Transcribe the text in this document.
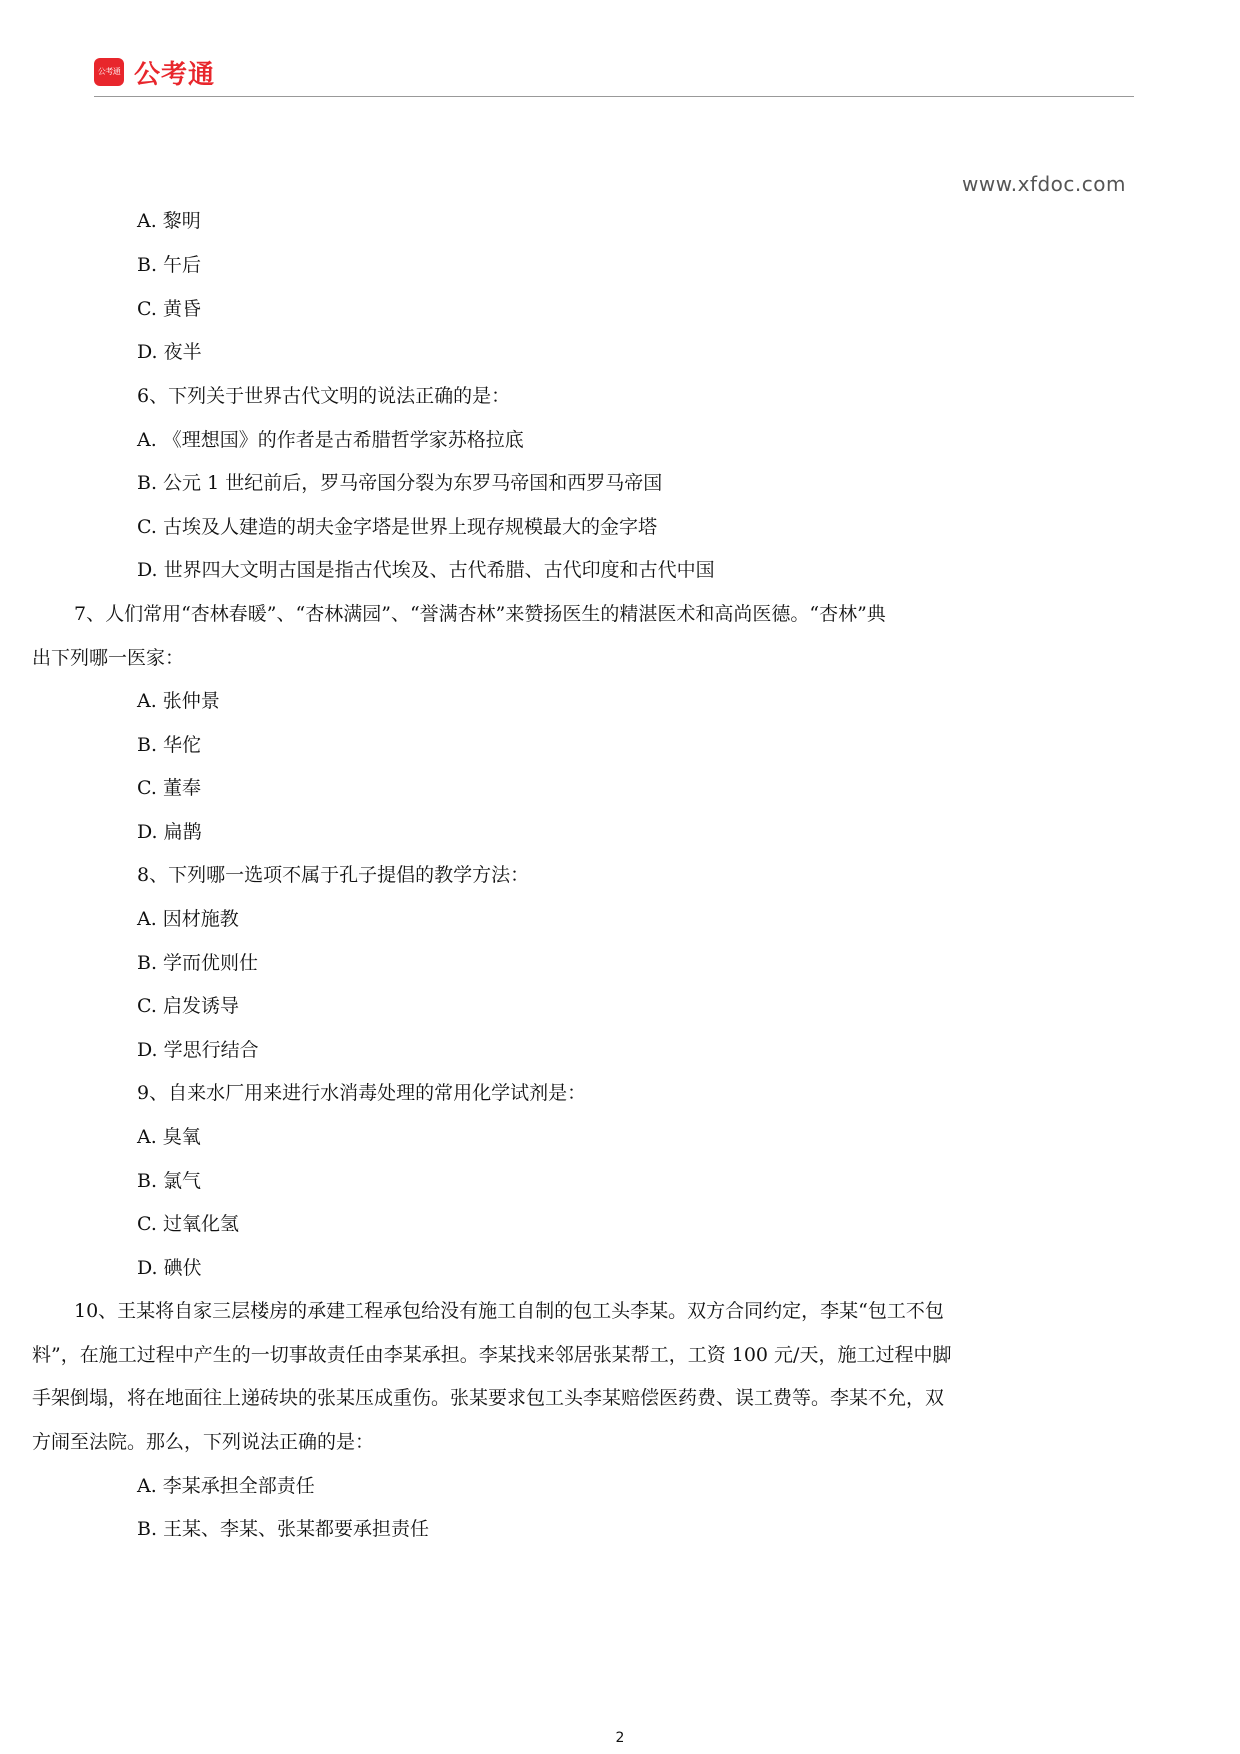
公考通 公考通
www.xfdoc.com
A. 黎明
B. 午后
C. 黄昏
D. 夜半
6、下列关于世界古代文明的说法正确的是：
A. 《理想国》的作者是古希腊哲学家苏格拉底
B. 公元 1 世纪前后，罗马帝国分裂为东罗马帝国和西罗马帝国
C. 古埃及人建造的胡夫金字塔是世界上现存规模最大的金字塔
D. 世界四大文明古国是指古代埃及、古代希腊、古代印度和古代中国
7、人们常用“杏林春暖”、“杏林满园”、“誉满杏林”来赞扬医生的精湛医术和高尚医德。“杏林”典
出下列哪一医家：
A. 张仲景
B. 华佗
C. 董奉
D. 扁鹊
8、下列哪一选项不属于孔子提倡的教学方法：
A. 因材施教
B. 学而优则仕
C. 启发诱导
D. 学思行结合
9、自来水厂用来进行水消毒处理的常用化学试剂是：
A. 臭氧
B. 氯气
C. 过氧化氢
D. 碘伏
10、王某将自家三层楼房的承建工程承包给没有施工自制的包工头李某。双方合同约定，李某“包工不包
料”，在施工过程中产生的一切事故责任由李某承担。李某找来邻居张某帮工，工资 100 元/天，施工过程中脚
手架倒塌，将在地面往上递砖块的张某压成重伤。张某要求包工头李某赔偿医药费、误工费等。李某不允，双
方闹至法院。那么，下列说法正确的是：
A. 李某承担全部责任
B. 王某、李某、张某都要承担责任
2
